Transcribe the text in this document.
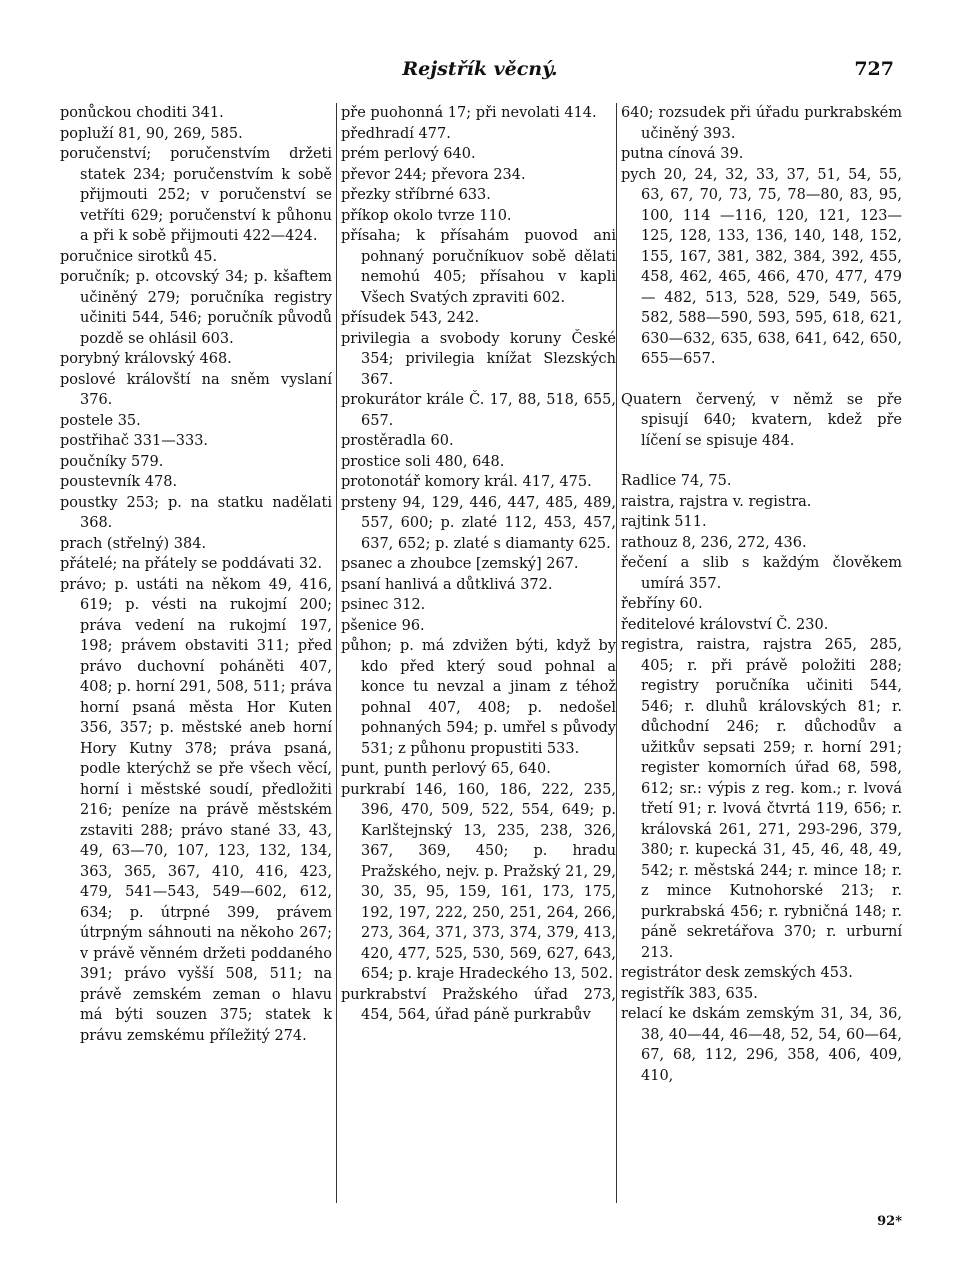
Rejstřík věcný.	727

ponůckou choditi 341.

popluží 81, 90, 269, 585.

poručenství; poručenstvím držeti statek 234; poručenstvím k sobě přijmouti 252; v poručenství se vetříti 629; poručenství k půhonu a při k sobě přijmouti 422—424.

poručnice sirotků 45.

poručník; p. otcovský 34; p. kšaftem učiněný 279; poručníka registry učiniti 544, 546; poručník původů pozdě se ohlásil 603.

porybný královský 468.

poslové královští na sněm vyslaní 376.

postele 35.

postřihač 331—333.

poučníky 579.

poustevník 478.

poustky 253; p. na statku nadělati 368.

prach (střelný) 384.

přátelé; na přátely se poddávati 32.

právo; p. ustáti na někom 49, 416, 619; p. vésti na rukojmí 200; práva vedení na rukojmí 197, 198; právem obstaviti 311; před právo duchovní poháněti 407, 408; p. horní 291, 508, 511; práva horní psaná města Hor Kuten 356, 357; p. městské aneb horní Hory Kutny 378; práva psaná, podle kterýchž se pře všech věcí, horní i městské soudí, předložiti 216; peníze na právě městském zstaviti 288; právo stané 33, 43, 49, 63—70, 107, 123, 132, 134, 363, 365, 367, 410, 416, 423, 479, 541—543, 549—602, 612, 634; p. útrpné 399, právem útrpným sáhnouti na někoho 267; v právě věnném držeti poddaného 391; právo vyšší 508, 511; na právě zemském zeman o hlavu má býti souzen 375; statek k právu zemskému příležitý 274.

pře puohonná 17; při nevolati 414.

předhradí 477.

prém perlový 640.

převor 244; převora 234.

přezky stříbrné 633.

příkop okolo tvrze 110.

přísaha; k přísahám puovod ani pohnaný poručníkuov sobě dělati nemohú 405; přísahou v kapli Všech Svatých zpraviti 602.

přísudek 543, 242.

privilegia a svobody koruny České 354; privilegia knížat Slezských 367.

prokurátor krále Č. 17, 88, 518, 655, 657.

prostěradla 60.

prostice soli 480, 648.

protonotář komory král. 417, 475.

prsteny 94, 129, 446, 447, 485, 489, 557, 600; p. zlaté 112, 453, 457, 637, 652; p. zlaté s diamanty 625.

psanec a zhoubce [zemský] 267.

psaní hanlivá a důtklivá 372.

psinec 312.

pšenice 96.

půhon; p. má zdvižen býti, když by kdo před který soud pohnal a konce tu nevzal a jinam z téhož pohnal 407, 408; p. nedošel pohnaných 594; p. umřel s původy 531; z půhonu propustiti 533.

punt, punth perlový 65, 640.

purkrabí 146, 160, 186, 222, 235, 396, 470, 509, 522, 554, 649; p. Karlštejnský 13, 235, 238, 326, 367, 369, 450; p. hradu Pražského, nejv. p. Pražský 21, 29, 30, 35, 95, 159, 161, 173, 175, 192, 197, 222, 250, 251, 264, 266, 273, 364, 371, 373, 374, 379, 413, 420, 477, 525, 530, 569, 627, 643, 654; p. kraje Hradeckého 13, 502.

purkrabství Pražského úřad 273, 454, 564, úřad páně purkrabův

640; rozsudek při úřadu purkrabském učiněný 393.

putna cínová 39.

pych 20, 24, 32, 33, 37, 51, 54, 55, 63, 67, 70, 73, 75, 78—80, 83, 95, 100, 114 —116, 120, 121, 123—125, 128, 133, 136, 140, 148, 152, 155, 167, 381, 382, 384, 392, 455, 458, 462, 465, 466, 470, 477, 479— 482, 513, 528, 529, 549, 565, 582, 588—590, 593, 595, 618, 621, 630—632, 635, 638, 641, 642, 650, 655—657.

Quatern červený, v němž se pře spisují 640; kvatern, kdež pře líčení se spisuje 484.

Radlice 74, 75.

raistra, rajstra v. registra.

rajtink 511.

rathouz 8, 236, 272, 436.

řečení a slib s každým člověkem umírá 357.

řebříny 60.

ředitelové království Č. 230.

registra, raistra, rajstra 265, 285, 405; r. při právě položiti 288; registry poručníka učiniti 544, 546; r. dluhů královských 81; r. důchodní 246; r. důchodův a užitkův sepsati 259; r. horní 291; register komorních úřad 68, 598, 612; sr.: výpis z reg. kom.; r. lvová třetí 91; r. lvová čtvrtá 119, 656; r. královská 261, 271, 293-296, 379, 380; r. kupecká 31, 45, 46, 48, 49, 542; r. městská 244; r. mince 18; r. z mince Kutnohorské 213; r. purkrabská 456; r. rybničná 148; r. páně sekretářova 370; r. urburní 213.

registrátor desk zemských 453.

registřík 383, 635.

relací ke dskám zemským 31, 34, 36, 38, 40—44, 46—48, 52, 54, 60—64, 67, 68, 112, 296, 358, 406, 409, 410,

92*
